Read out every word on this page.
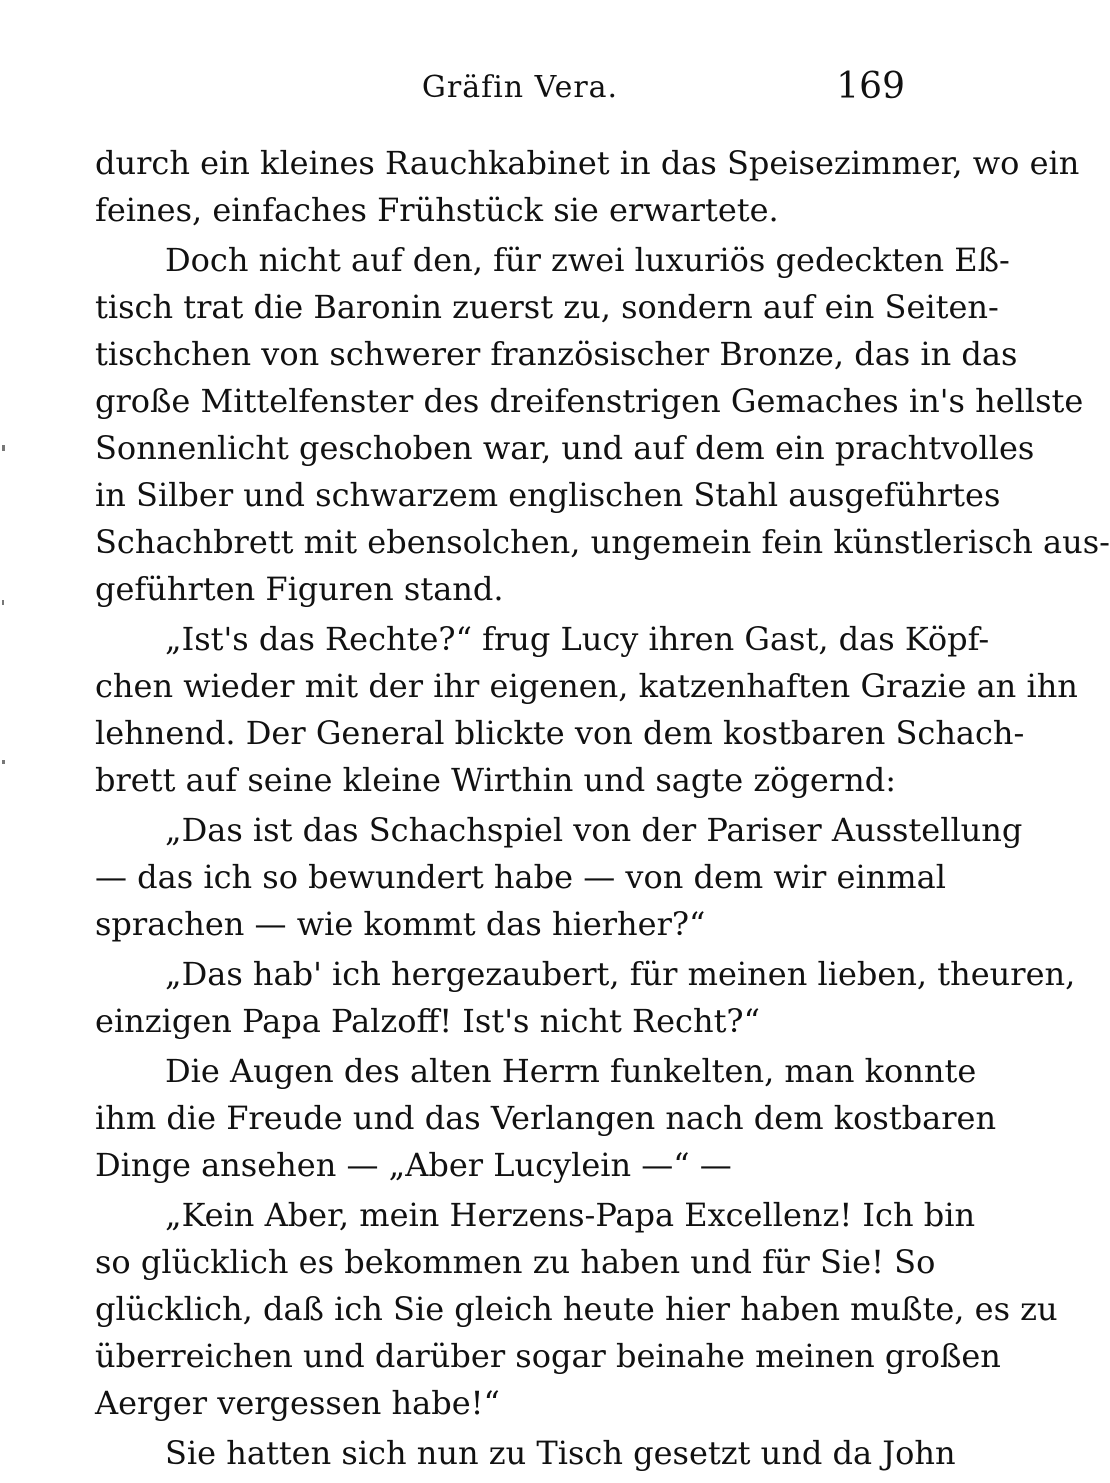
Gräfin Vera.	169
durch ein kleines Rauchkabinet in das Speisezimmer, wo ein
feines, einfaches Frühstück sie erwartete.
Doch nicht auf den, für zwei luxuriös gedeckten Eß-
tisch trat die Baronin zuerst zu, sondern auf ein Seiten-
tischchen von schwerer französischer Bronze, das in das
große Mittelfenster des dreifenstrigen Gemaches in's hellste
Sonnenlicht geschoben war, und auf dem ein prachtvolles
in Silber und schwarzem englischen Stahl ausgeführtes
Schachbrett mit ebensolchen, ungemein fein künstlerisch aus-
geführten Figuren stand.
„Ist's das Rechte?“ frug Lucy ihren Gast, das Köpf-
chen wieder mit der ihr eigenen, katzenhaften Grazie an ihn
lehnend. Der General blickte von dem kostbaren Schach-
brett auf seine kleine Wirthin und sagte zögernd:
„Das ist das Schachspiel von der Pariser Ausstellung
— das ich so bewundert habe — von dem wir einmal
sprachen — wie kommt das hierher?“
„Das hab' ich hergezaubert, für meinen lieben, theuren,
einzigen Papa Palzoff! Ist's nicht Recht?“
Die Augen des alten Herrn funkelten, man konnte
ihm die Freude und das Verlangen nach dem kostbaren
Dinge ansehen — „Aber Lucylein —“ —
„Kein Aber, mein Herzens-Papa Excellenz! Ich bin
so glücklich es bekommen zu haben und für Sie! So
glücklich, daß ich Sie gleich heute hier haben mußte, es zu
überreichen und darüber sogar beinahe meinen großen
Aerger vergessen habe!“
Sie hatten sich nun zu Tisch gesetzt und da John
